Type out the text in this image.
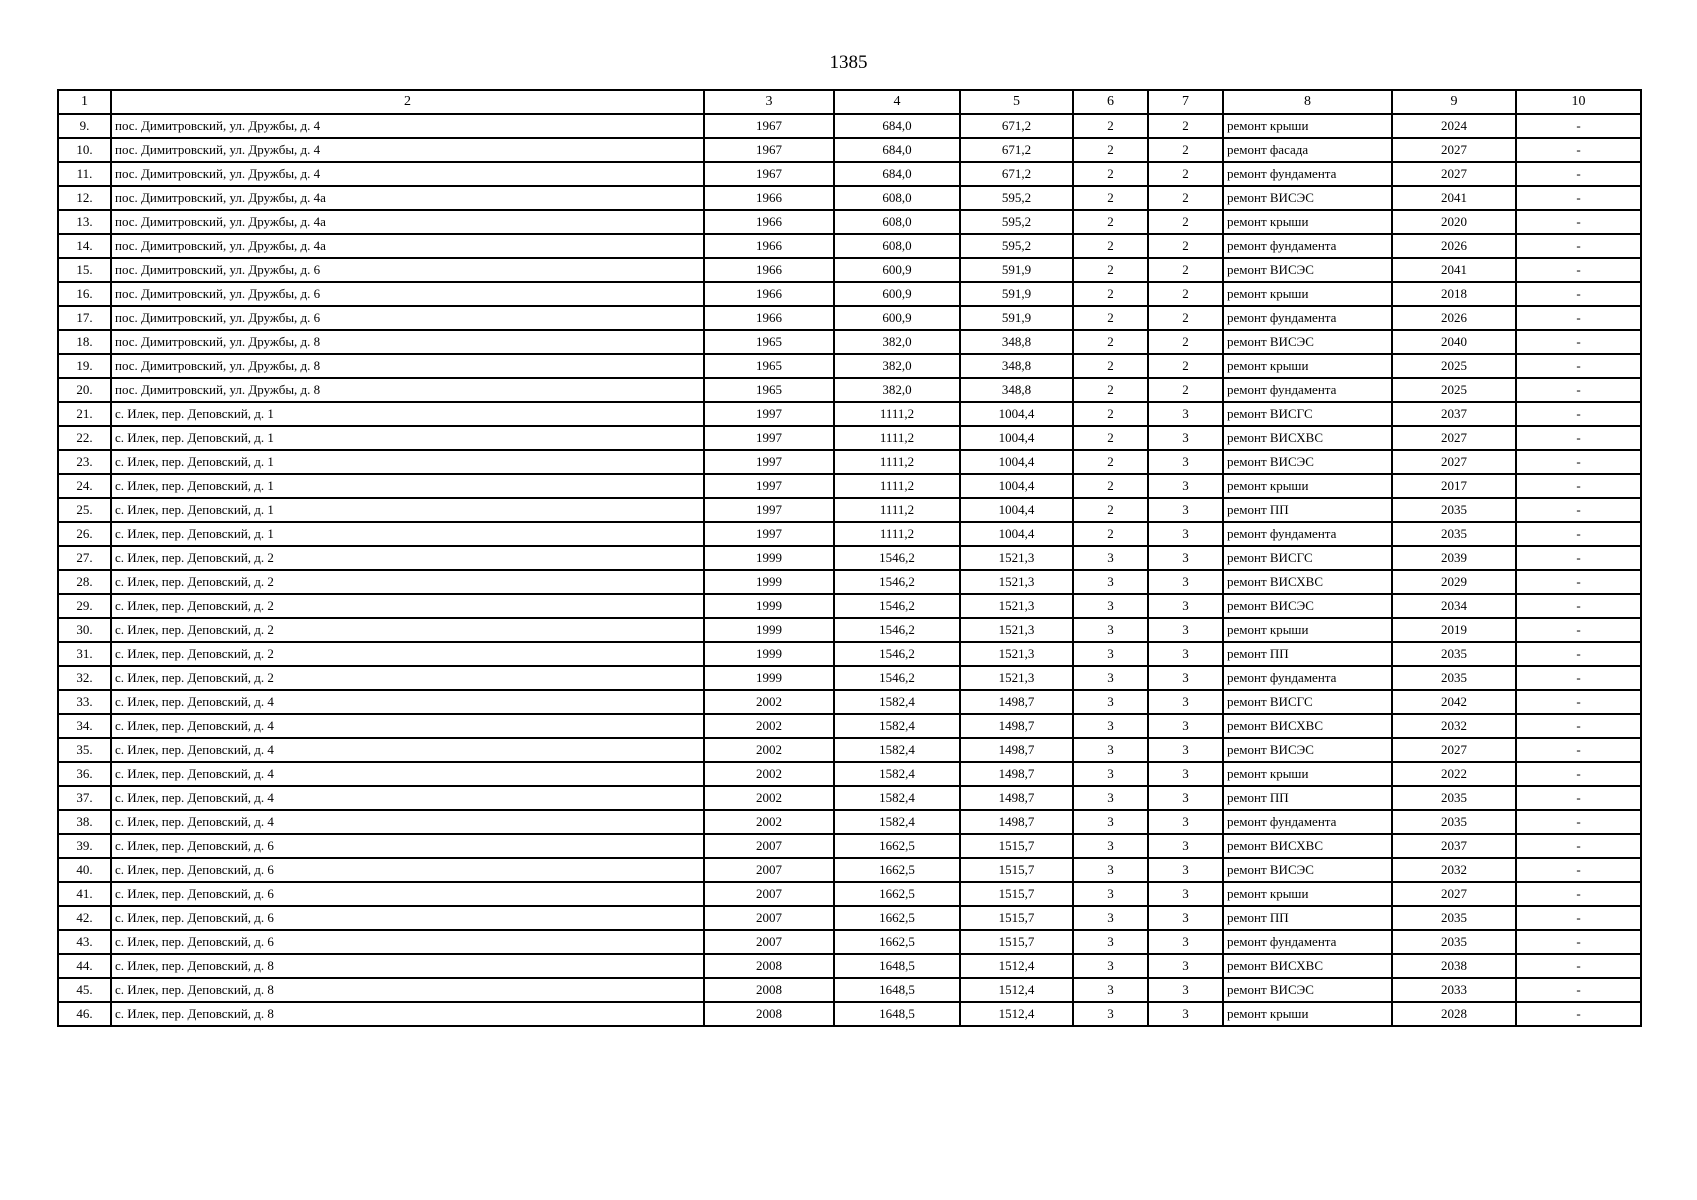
1385
1	2	3	4	5	6	7	8	9	10
9.	пос. Димитровский, ул. Дружбы, д. 4	1967	684,0	671,2	2	2	ремонт крыши	2024	-
10.	пос. Димитровский, ул. Дружбы, д. 4	1967	684,0	671,2	2	2	ремонт фасада	2027	-
11.	пос. Димитровский, ул. Дружбы, д. 4	1967	684,0	671,2	2	2	ремонт фундамента	2027	-
12.	пос. Димитровский, ул. Дружбы, д. 4а	1966	608,0	595,2	2	2	ремонт ВИСЭС	2041	-
13.	пос. Димитровский, ул. Дружбы, д. 4а	1966	608,0	595,2	2	2	ремонт крыши	2020	-
14.	пос. Димитровский, ул. Дружбы, д. 4а	1966	608,0	595,2	2	2	ремонт фундамента	2026	-
15.	пос. Димитровский, ул. Дружбы, д. 6	1966	600,9	591,9	2	2	ремонт ВИСЭС	2041	-
16.	пос. Димитровский, ул. Дружбы, д. 6	1966	600,9	591,9	2	2	ремонт крыши	2018	-
17.	пос. Димитровский, ул. Дружбы, д. 6	1966	600,9	591,9	2	2	ремонт фундамента	2026	-
18.	пос. Димитровский, ул. Дружбы, д. 8	1965	382,0	348,8	2	2	ремонт ВИСЭС	2040	-
19.	пос. Димитровский, ул. Дружбы, д. 8	1965	382,0	348,8	2	2	ремонт крыши	2025	-
20.	пос. Димитровский, ул. Дружбы, д. 8	1965	382,0	348,8	2	2	ремонт фундамента	2025	-
21.	с. Илек, пер. Деповский, д. 1	1997	1111,2	1004,4	2	3	ремонт ВИСГС	2037	-
22.	с. Илек, пер. Деповский, д. 1	1997	1111,2	1004,4	2	3	ремонт ВИСХВС	2027	-
23.	с. Илек, пер. Деповский, д. 1	1997	1111,2	1004,4	2	3	ремонт ВИСЭС	2027	-
24.	с. Илек, пер. Деповский, д. 1	1997	1111,2	1004,4	2	3	ремонт крыши	2017	-
25.	с. Илек, пер. Деповский, д. 1	1997	1111,2	1004,4	2	3	ремонт ПП	2035	-
26.	с. Илек, пер. Деповский, д. 1	1997	1111,2	1004,4	2	3	ремонт фундамента	2035	-
27.	с. Илек, пер. Деповский, д. 2	1999	1546,2	1521,3	3	3	ремонт ВИСГС	2039	-
28.	с. Илек, пер. Деповский, д. 2	1999	1546,2	1521,3	3	3	ремонт ВИСХВС	2029	-
29.	с. Илек, пер. Деповский, д. 2	1999	1546,2	1521,3	3	3	ремонт ВИСЭС	2034	-
30.	с. Илек, пер. Деповский, д. 2	1999	1546,2	1521,3	3	3	ремонт крыши	2019	-
31.	с. Илек, пер. Деповский, д. 2	1999	1546,2	1521,3	3	3	ремонт ПП	2035	-
32.	с. Илек, пер. Деповский, д. 2	1999	1546,2	1521,3	3	3	ремонт фундамента	2035	-
33.	с. Илек, пер. Деповский, д. 4	2002	1582,4	1498,7	3	3	ремонт ВИСГС	2042	-
34.	с. Илек, пер. Деповский, д. 4	2002	1582,4	1498,7	3	3	ремонт ВИСХВС	2032	-
35.	с. Илек, пер. Деповский, д. 4	2002	1582,4	1498,7	3	3	ремонт ВИСЭС	2027	-
36.	с. Илек, пер. Деповский, д. 4	2002	1582,4	1498,7	3	3	ремонт крыши	2022	-
37.	с. Илек, пер. Деповский, д. 4	2002	1582,4	1498,7	3	3	ремонт ПП	2035	-
38.	с. Илек, пер. Деповский, д. 4	2002	1582,4	1498,7	3	3	ремонт фундамента	2035	-
39.	с. Илек, пер. Деповский, д. 6	2007	1662,5	1515,7	3	3	ремонт ВИСХВС	2037	-
40.	с. Илек, пер. Деповский, д. 6	2007	1662,5	1515,7	3	3	ремонт ВИСЭС	2032	-
41.	с. Илек, пер. Деповский, д. 6	2007	1662,5	1515,7	3	3	ремонт крыши	2027	-
42.	с. Илек, пер. Деповский, д. 6	2007	1662,5	1515,7	3	3	ремонт ПП	2035	-
43.	с. Илек, пер. Деповский, д. 6	2007	1662,5	1515,7	3	3	ремонт фундамента	2035	-
44.	с. Илек, пер. Деповский, д. 8	2008	1648,5	1512,4	3	3	ремонт ВИСХВС	2038	-
45.	с. Илек, пер. Деповский, д. 8	2008	1648,5	1512,4	3	3	ремонт ВИСЭС	2033	-
46.	с. Илек, пер. Деповский, д. 8	2008	1648,5	1512,4	3	3	ремонт крыши	2028	-
